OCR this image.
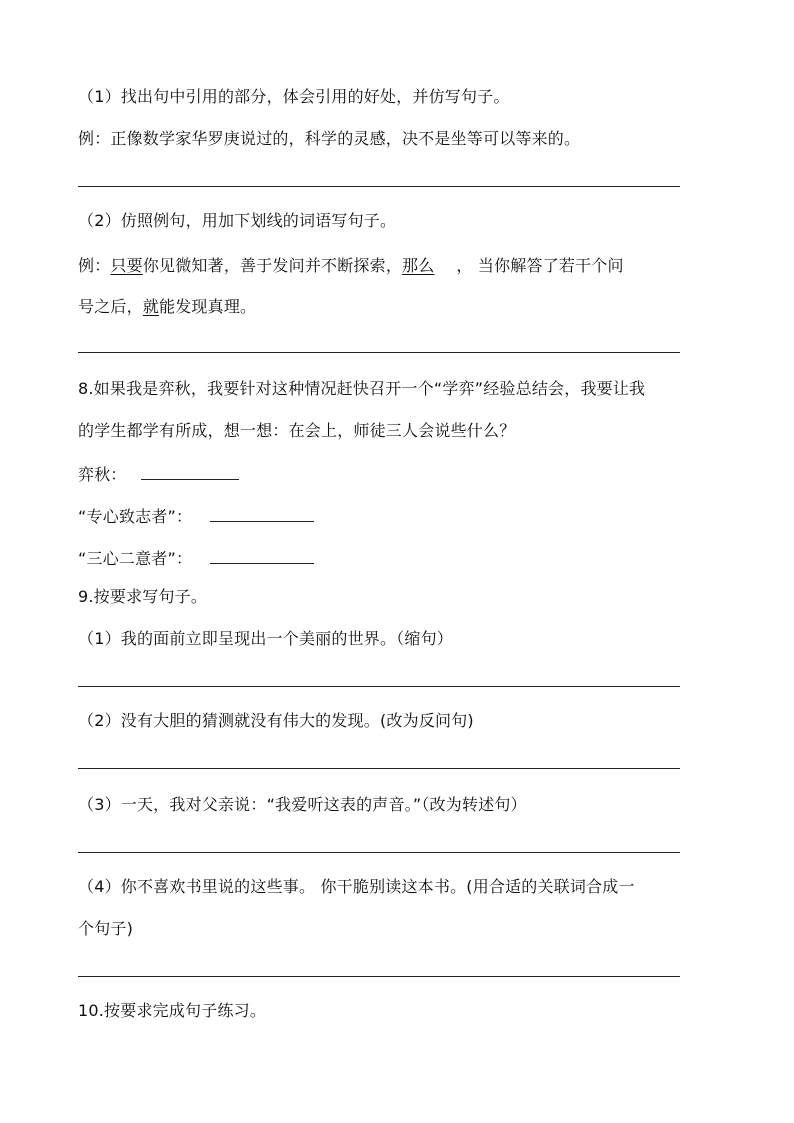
（1）找出句中引用的部分，体会引用的好处，并仿写句子。
例：正像数学家华罗庚说过的，科学的灵感，决不是坐等可以等来的。
（2）仿照例句，用加下划线的词语写句子。
例：只要你见微知著，善于发问并不断探索，那么 ， 当你解答了若干个问
号之后，就能发现真理。
8.如果我是弈秋，我要针对这种情况赶快召开一个“学弈”经验总结会，我要让我
的学生都学有所成，想一想：在会上，师徒三人会说些什么？
弈秋：
“专心致志者”：
“三心二意者”：
9.按要求写句子。
（1）我的面前立即呈现出一个美丽的世界。（缩句）
（2）没有大胆的猜测就没有伟大的发现。(改为反问句)
（3）一天，我对父亲说：“我爱听这表的声音。”（改为转述句）
（4）你不喜欢书里说的这些事。 你干脆别读这本书。(用合适的关联词合成一
个句子)
10.按要求完成句子练习。
